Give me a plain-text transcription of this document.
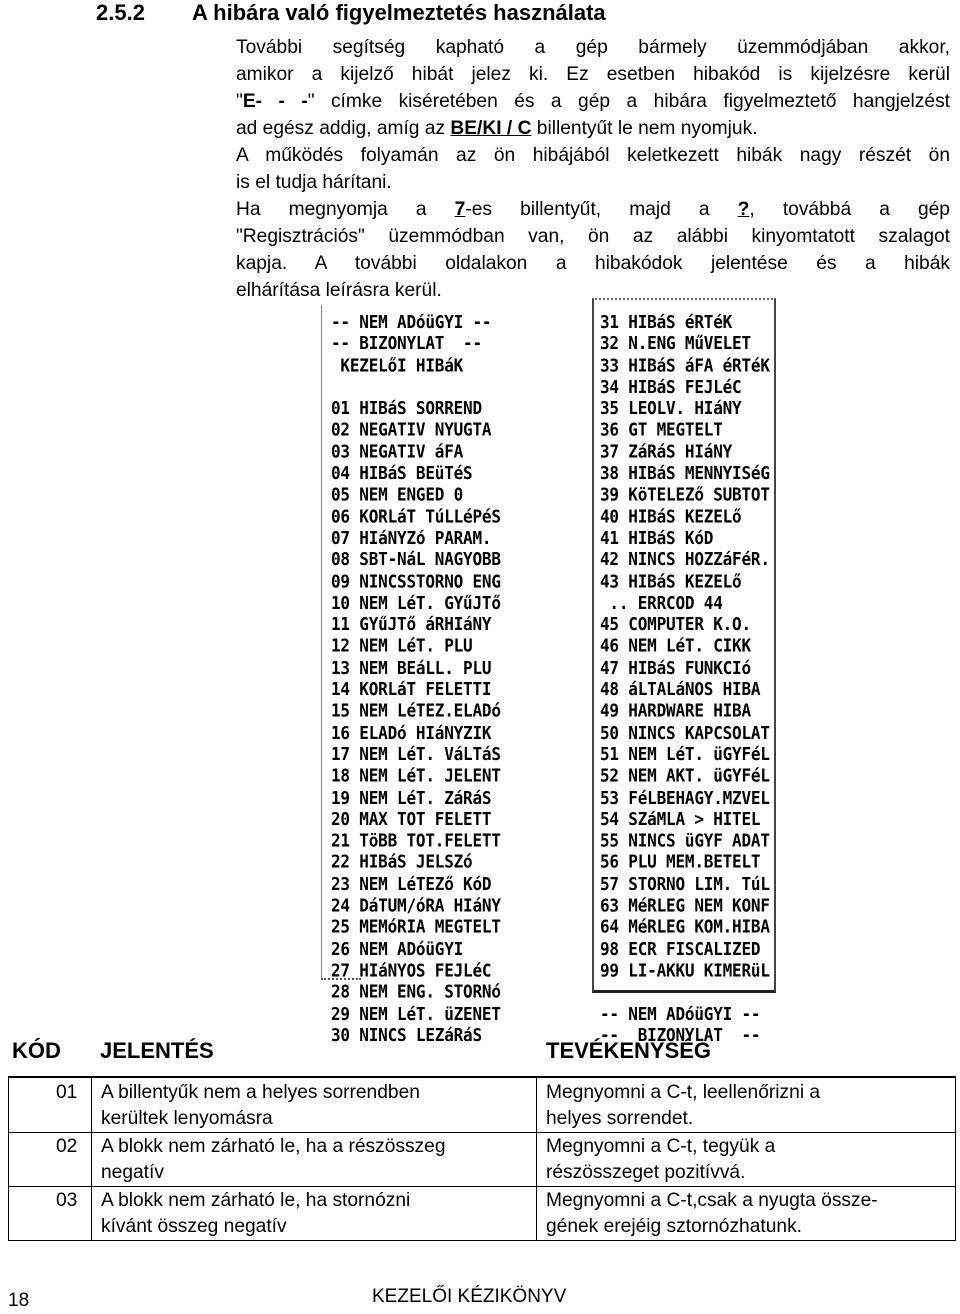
2.5.2 A hibára való figyelmeztetés használata
További segítség kapható a gép bármely üzemmódjában akkor,
amikor a kijelző hibát jelez ki. Ez esetben hibakód is kijelzésre kerül
"E- - -" címke kiséretében és a gép a hibára figyelmeztető hangjelzést
ad egész addig, amíg az BE/KI / C billentyűt le nem nyomjuk.
A működés folyamán az ön hibájából keletkezett hibák nagy részét ön
is el tudja hárítani.
Ha megnyomja a 7-es billentyűt, majd a ?, továbbá a gép
"Regisztrációs" üzemmódban van, ön az alábbi kinyomtatott szalagot
kapja. A további oldalakon a hibakódok jelentése és a hibák
elhárítása leírásra kerül.
-- NEM ADóüGYI --
-- BIZONYLAT  --
KEZELőI HIBáK
01 HIBáS SORREND
02 NEGATIV NYUGTA
03 NEGATIV áFA
04 HIBáS BEüTéS
05 NEM ENGED 0
06 KORLáT TúLLéPéS
07 HIáNYZó PARAM.
08 SBT-NáL NAGYOBB
09 NINCSSTORNO ENG
10 NEM LéT. GYűJTő
11 GYűJTő áRHIáNY
12 NEM LéT. PLU
13 NEM BEáLL. PLU
14 KORLáT FELETTI
15 NEM LéTEZ.ELADó
16 ELADó HIáNYZIK
17 NEM LéT. VáLTáS
18 NEM LéT. JELENT
19 NEM LéT. ZáRáS
20 MAX TOT FELETT
21 TöBB TOT.FELETT
22 HIBáS JELSZó
23 NEM LéTEZő KóD
24 DáTUM/óRA HIáNY
25 MEMóRIA MEGTELT
26 NEM ADóüGYI
27 HIáNYOS FEJLéC
28 NEM ENG. STORNó
29 NEM LéT. üZENET
30 NINCS LEZáRáS
31 HIBáS éRTéK
32 N.ENG MűVELET
33 HIBáS áFA éRTéK
34 HIBáS FEJLéC
35 LEOLV. HIáNY
36 GT MEGTELT
37 ZáRáS HIáNY
38 HIBáS MENNYISéG
39 KöTELEZő SUBTOT
40 HIBáS KEZELő
41 HIBáS KóD
42 NINCS HOZZáFéR.
43 HIBáS KEZELő
.. ERRCOD 44
45 COMPUTER K.O.
46 NEM LéT. CIKK
47 HIBáS FUNKCIó
48 áLTALáNOS HIBA
49 HARDWARE HIBA
50 NINCS KAPCSOLAT
51 NEM LéT. üGYFéL
52 NEM AKT. üGYFéL
53 FéLBEHAGY.MZVEL
54 SZáMLA > HITEL
55 NINCS üGYF ADAT
56 PLU MEM.BETELT
57 STORNO LIM. TúL
63 MéRLEG NEM KONF
64 MéRLEG KOM.HIBA
98 ECR FISCALIZED
99 LI-AKKU KIMERüL
-- NEM ADóüGYI --
--  BIZONYLAT  --
KÓD JELENTÉS	TEVÉKENYSÉG
01 A billentyűk nem a helyes sorrendben
kerültek lenyomásra
Megnyomni a C-t, leellenőrizni a
helyes sorrendet.
02 A blokk nem zárható le, ha a részösszeg
negatív
Megnyomni a C-t, tegyük a
részösszeget pozitívvá.
03 A blokk nem zárható le, ha stornózni
kívánt összeg negatív
Megnyomni a C-t,csak a nyugta össze-
gének erejéig sztornózhatunk.
18	KEZELŐI KÉZIKÖNYV
